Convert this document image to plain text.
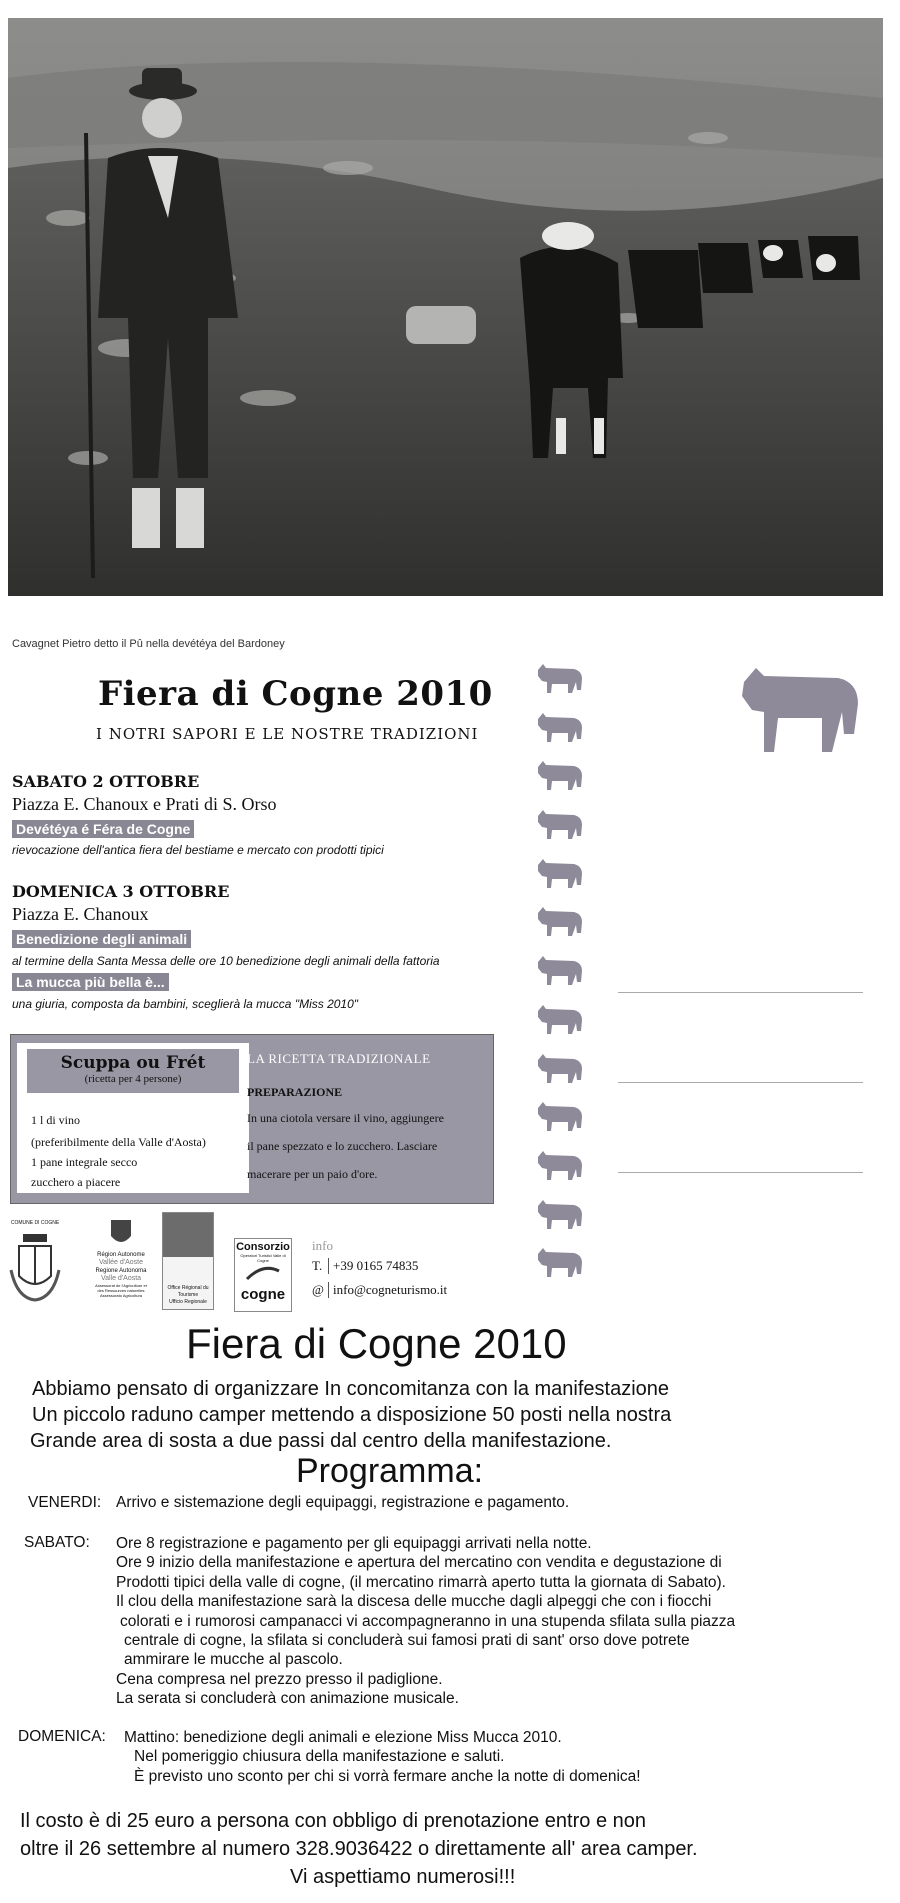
Cavagnet Pietro detto il Pû nella devétéya del Bardoney
Fiera di Cogne 2010
I NOTRI SAPORI E LE NOSTRE TRADIZIONI
SABATO 2 OTTOBRE
Piazza E. Chanoux e Prati di S. Orso
Devétéya é Féra de Cogne
rievocazione dell'antica fiera del bestiame e mercato con prodotti tipici
DOMENICA 3 OTTOBRE
Piazza E. Chanoux
Benedizione degli animali
al termine della Santa Messa delle ore 10 benedizione degli animali della fattoria
La mucca più bella è...
una giuria, composta da bambini, sceglierà la mucca "Miss 2010"
Scuppa ou Frét
(ricetta per 4 persone)
1 l di vino
(preferibilmente della Valle d'Aosta)
1 pane integrale secco
zucchero a piacere
LA RICETTA TRADIZIONALE
PREPARAZIONE
In una ciotola versare il vino, aggiungere
il pane spezzato e lo zucchero. Lasciare
macerare per un paio d'ore.
COMUNE DI COGNE
Région Autonome
Vallée d'Aoste
Regione Autonoma
Valle d'Aosta
Assessorat de l'Agriculture et des Ressources naturelles
Assessorato Agricoltura
Office Régional du Tourisme
Ufficio Regionale
Consorzio
Operatori Turistici Valle di Cogne
cogne
info
T. +39 0165 74835
@ info@cogneturismo.it
Fiera di Cogne 2010
Abbiamo pensato di organizzare In concomitanza con la manifestazione
Un piccolo raduno camper mettendo a disposizione 50 posti nella nostra
Grande area di sosta a due passi dal centro della manifestazione.
Programma:
VENERDI: Arrivo e sistemazione degli equipaggi, registrazione e pagamento.
SABATO: Ore 8 registrazione e pagamento per gli equipaggi arrivati nella notte.
Ore 9 inizio della manifestazione e apertura del mercatino con vendita e degustazione di
Prodotti tipici della valle di cogne, (il mercatino rimarrà aperto tutta la giornata di Sabato).
Il clou della manifestazione sarà la discesa delle mucche dagli alpeggi che con i fiocchi
colorati e i rumorosi campanacci vi accompagneranno in una stupenda sfilata sulla piazza
centrale di cogne, la sfilata si concluderà sui famosi prati di sant' orso dove potrete
ammirare le mucche al pascolo.
Cena compresa nel prezzo presso il padiglione.
La serata si concluderà con animazione musicale.
DOMENICA: Mattino: benedizione degli animali e elezione Miss Mucca 2010.
Nel pomeriggio chiusura della manifestazione e saluti.
È previsto uno sconto per chi si vorrà fermare anche la notte di domenica!
Il costo è di 25 euro a persona con obbligo di prenotazione entro e non
oltre il 26 settembre al numero 328.9036422 o direttamente all' area camper.
Vi aspettiamo numerosi!!!
